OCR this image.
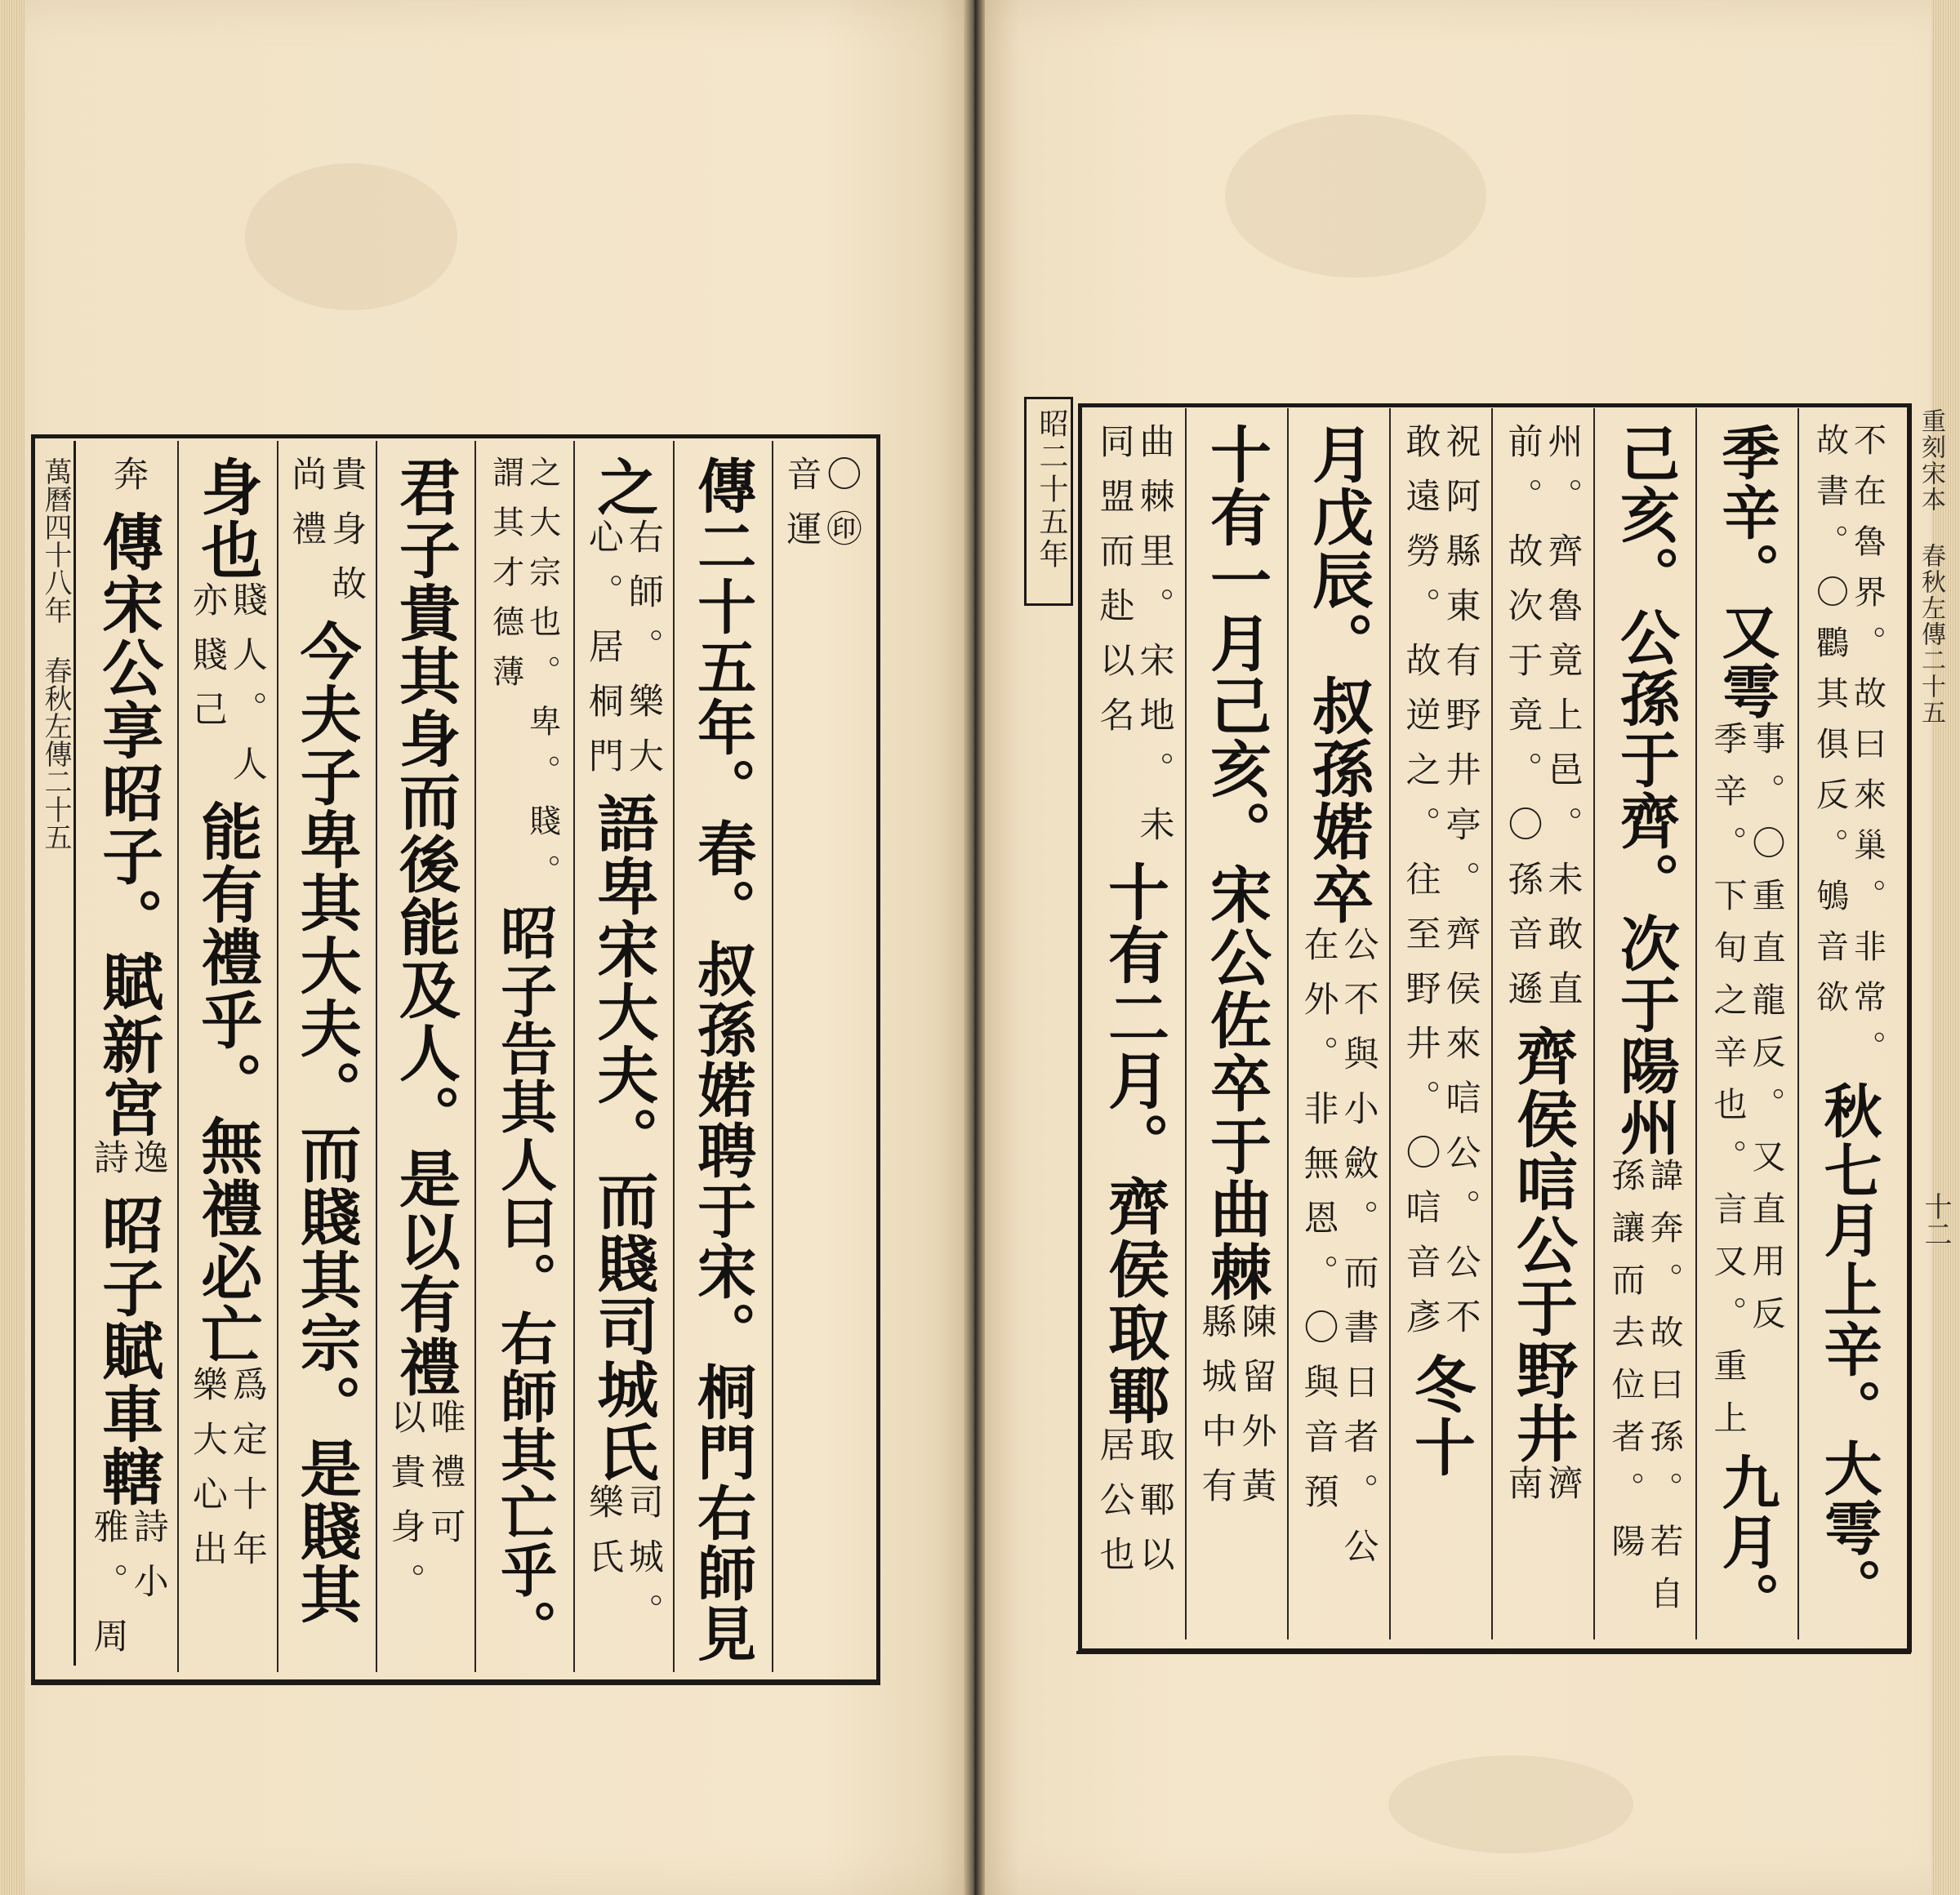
昭二十五年	重刻宋本 春秋左傳二十五
十二
萬曆四十八年 春秋左傳二十五	〇㊞
音運
傳二十五年。春。叔孫婼聘于宋。桐門右師見
之
右師。樂大
心。居桐門
語卑宋大夫。而賤司城氏
司城。
樂氏
之大宗也。卑。賤。
謂其才德薄
昭子告其人曰。右師其亡乎。
君子貴其身而後能及人。是以有禮
唯禮可
以貴身。
貴身故
尚禮
今夫子卑其大夫。而賤其宗。是賤其
身也
賤人。人
亦賤己
能有禮乎。無禮必亡
爲定十年
樂大心出
奔
傳宋公享昭子。賦新宮
逸
詩
昭子賦車轄
詩小
雅。周
不在魯界。故曰來巢。非常。
故書。〇鸜其俱反。鴝音欲
秋七月上辛。大雩。
季辛。又雩
事。〇重直龍反。又直用反
季辛。下旬之辛也。言又。重上
九月。
己亥。公孫于齊。次于陽州
諱奔。故曰孫。若自
孫讓而去位者。陽
州。齊魯竟上邑。未敢直
前。故次于竟。〇孫音遜
齊侯唁公于野井
濟
南
祝阿縣東有野井亭。齊侯來唁公。公不
敢遠勞。故逆之。往至野井。〇唁音彥
冬十
月戊辰。叔孫婼卒
公不與小斂。而書日者。公
在外。非無恩。〇與音預
十有一月己亥。宋公佐卒于曲棘
陳留外黃
縣城中有
曲棘里。宋地。未
同盟而赴以名
十有二月。齊侯取鄆
取鄆以
居公也
